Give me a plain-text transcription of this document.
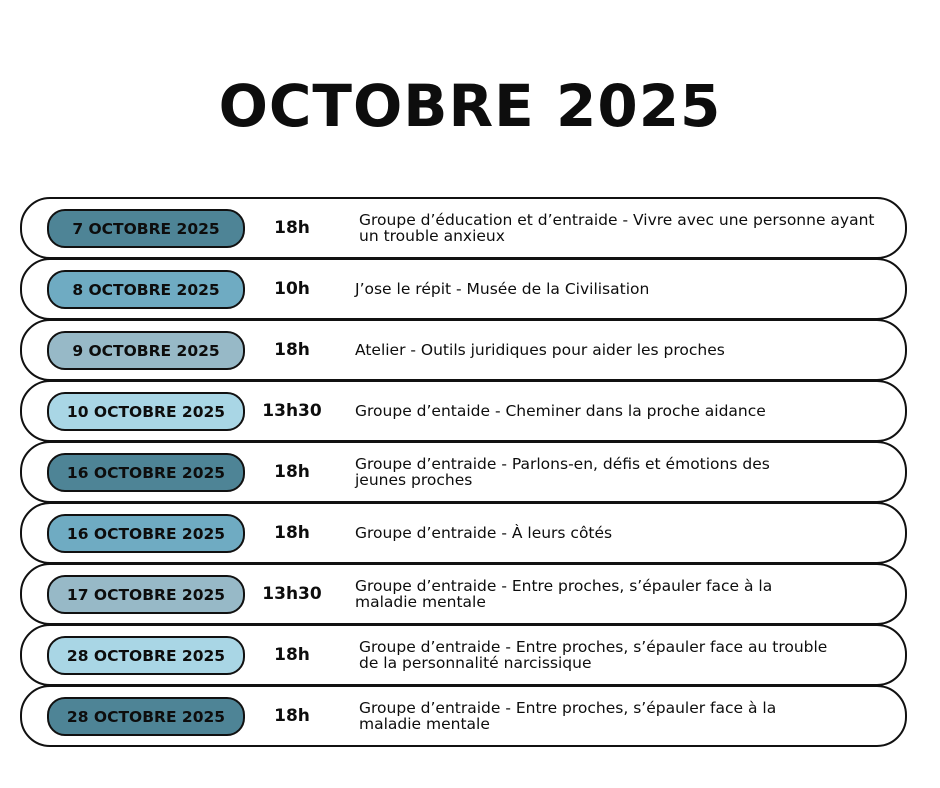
OCTOBRE 2025
7 OCTOBRE 2025	18h	Groupe d’éducation et d’entraide - Vivre avec une personne ayant un trouble anxieux
8 OCTOBRE 2025	10h	J’ose le répit - Musée de la Civilisation
9 OCTOBRE 2025	18h	Atelier - Outils juridiques pour aider les proches
10 OCTOBRE 2025	13h30	Groupe d’entaide - Cheminer dans la proche aidance
16 OCTOBRE 2025	18h	Groupe d’entraide - Parlons-en, défis et émotions des jeunes proches
16 OCTOBRE 2025	18h	Groupe d’entraide - À leurs côtés
17 OCTOBRE 2025	13h30	Groupe d’entraide - Entre proches, s’épauler face à la maladie mentale
28 OCTOBRE 2025	18h	Groupe d’entraide - Entre proches, s’épauler face au trouble de la personnalité narcissique
28 OCTOBRE 2025	18h	Groupe d’entraide - Entre proches, s’épauler face à la maladie mentale
